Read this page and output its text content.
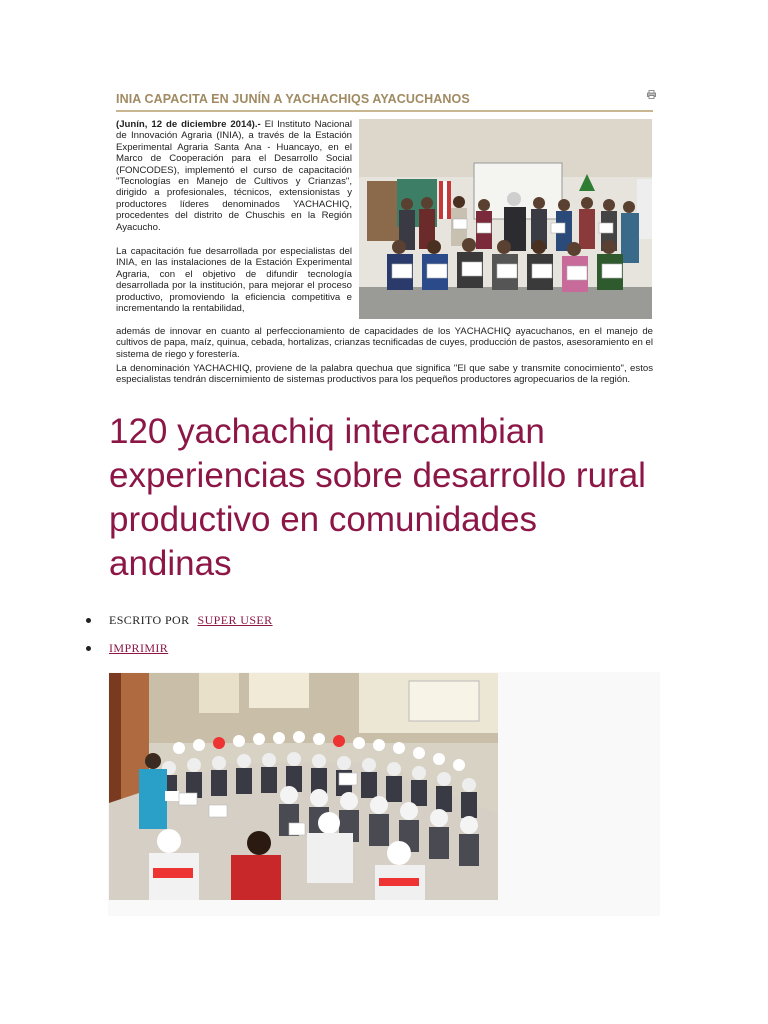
INIA CAPACITA EN JUNÍN A YACHACHIQS AYACUCHANOS
(Junín, 12 de diciembre 2014).- El Instituto Nacional de Innovación Agraria (INIA), a través de la Estación Experimental Agraria Santa Ana - Huancayo, en el Marco de Cooperación para el Desarrollo Social (FONCODES), implementó el curso de capacitación "Tecnologías en Manejo de Cultivos y Crianzas", dirigido a profesionales, técnicos, extensionistas y productores líderes denominados YACHACHIQ, procedentes del distrito de Chuschis en la Región Ayacucho.
La capacitación fue desarrollada por especialistas del INIA, en las instalaciones de la Estación Experimental Agraria, con el objetivo de difundir tecnología desarrollada por la institución, para mejorar el proceso productivo, promoviendo la eficiencia competitiva e incrementando la rentabilidad,
además de innovar en cuanto al perfeccionamiento de capacidades de los YACHACHIQ ayacuchanos, en el manejo de cultivos de papa, maíz, quinua, cebada, hortalizas, crianzas tecnificadas de cuyes, producción de pastos, asesoramiento en el sistema de riego y forestería.
La denominación YACHACHIQ, proviene de la palabra quechua que significa "El que sabe y transmite conocimiento", estos especialistas tendrán discernimiento de sistemas productivos para los pequeños productores agropecuarios de la región.
120 yachachiq intercambian experiencias sobre desarrollo rural productivo en comunidades andinas
ESCRITO POR SUPER USER
IMPRIMIR
